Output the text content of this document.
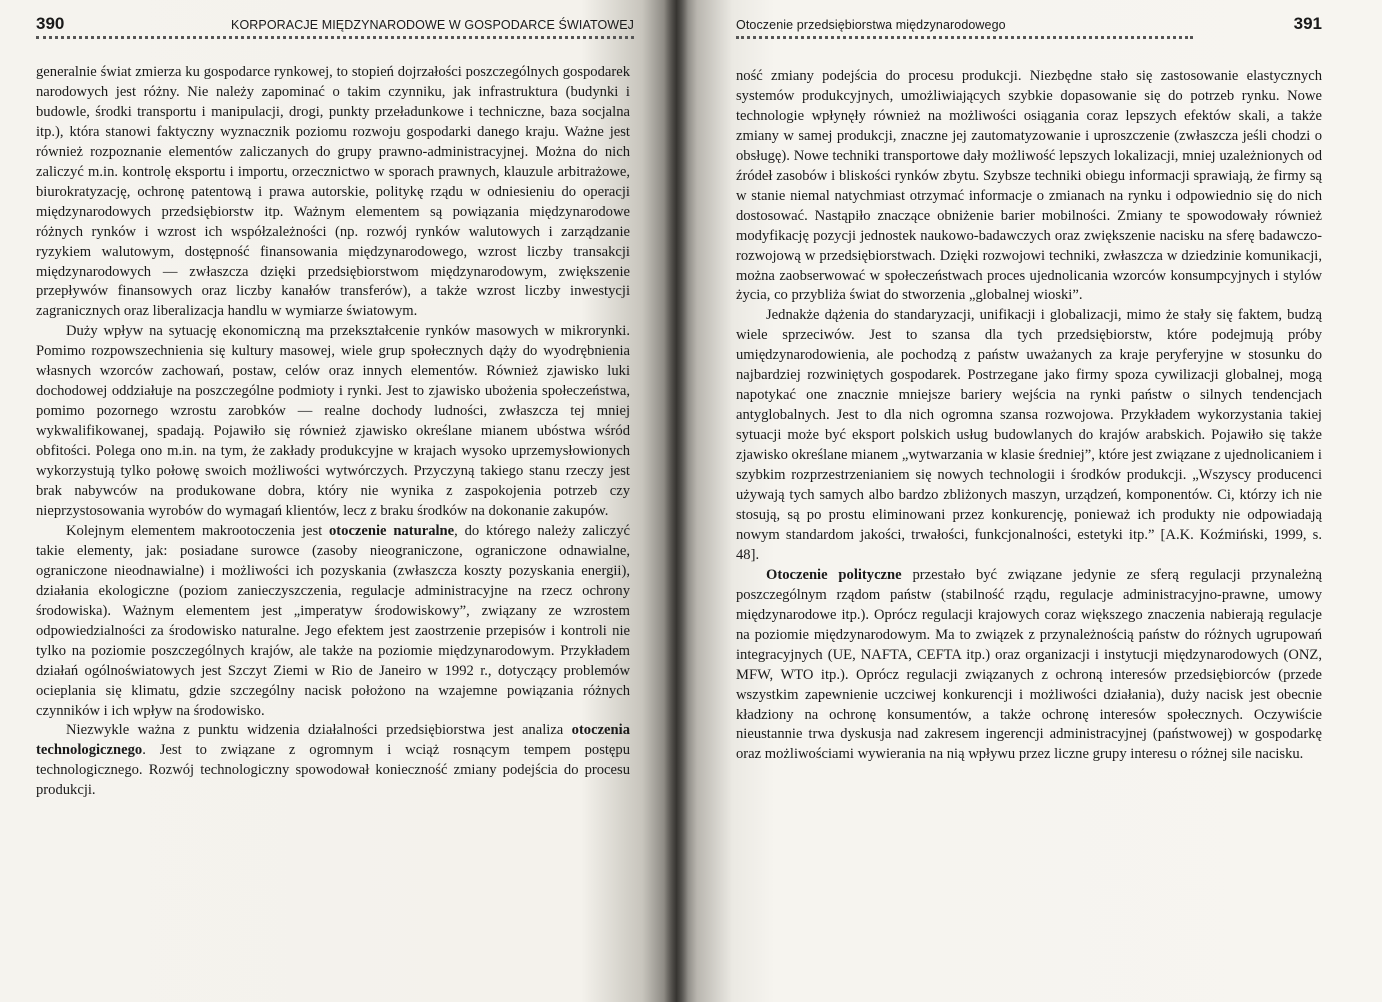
390	KORPORACJE MIĘDZYNARODOWE W GOSPODARCE ŚWIATOWEJ

generalnie świat zmierza ku gospodarce rynkowej, to stopień dojrzałości poszczególnych gospodarek narodowych jest różny. Nie należy zapominać o takim czynniku, jak infrastruktura (budynki i budowle, środki transportu i manipulacji, drogi, punkty przeładunkowe i techniczne, baza socjalna itp.), która stanowi faktyczny wyznacznik poziomu rozwoju gospodarki danego kraju. Ważne jest również rozpoznanie elementów zaliczanych do grupy prawno-administracyjnej. Można do nich zaliczyć m.in. kontrolę eksportu i importu, orzecznictwo w sporach prawnych, klauzule arbitrażowe, biurokratyzację, ochronę patentową i prawa autorskie, politykę rządu w odniesieniu do operacji międzynarodowych przedsiębiorstw itp. Ważnym elementem są powiązania międzynarodowe różnych rynków i wzrost ich współzależności (np. rozwój rynków walutowych i zarządzanie ryzykiem walutowym, dostępność finansowania międzynarodowego, wzrost liczby transakcji międzynarodowych — zwłaszcza dzięki przedsiębiorstwom międzynarodowym, zwiększenie przepływów finansowych oraz liczby kanałów transferów), a także wzrost liczby inwestycji zagranicznych oraz liberalizacja handlu w wymiarze światowym.

Duży wpływ na sytuację ekonomiczną ma przekształcenie rynków masowych w mikrorynki. Pomimo rozpowszechnienia się kultury masowej, wiele grup społecznych dąży do wyodrębnienia własnych wzorców zachowań, postaw, celów oraz innych elementów. Również zjawisko luki dochodowej oddziałuje na poszczególne podmioty i rynki. Jest to zjawisko ubożenia społeczeństwa, pomimo pozornego wzrostu zarobków — realne dochody ludności, zwłaszcza tej mniej wykwalifikowanej, spadają. Pojawiło się również zjawisko określane mianem ubóstwa wśród obfitości. Polega ono m.in. na tym, że zakłady produkcyjne w krajach wysoko uprzemysłowionych wykorzystują tylko połowę swoich możliwości wytwórczych. Przyczyną takiego stanu rzeczy jest brak nabywców na produkowane dobra, który nie wynika z zaspokojenia potrzeb czy nieprzystosowania wyrobów do wymagań klientów, lecz z braku środków na dokonanie zakupów.

Kolejnym elementem makrootoczenia jest otoczenie naturalne, do którego należy zaliczyć takie elementy, jak: posiadane surowce (zasoby nieograniczone, ograniczone odnawialne, ograniczone nieodnawialne) i możliwości ich pozyskania (zwłaszcza koszty pozyskania energii), działania ekologiczne (poziom zanieczyszczenia, regulacje administracyjne na rzecz ochrony środowiska). Ważnym elementem jest „imperatyw środowiskowy”, związany ze wzrostem odpowiedzialności za środowisko naturalne. Jego efektem jest zaostrzenie przepisów i kontroli nie tylko na poziomie poszczególnych krajów, ale także na poziomie międzynarodowym. Przykładem działań ogólnoświatowych jest Szczyt Ziemi w Rio de Janeiro w 1992 r., dotyczący problemów ocieplania się klimatu, gdzie szczególny nacisk położono na wzajemne powiązania różnych czynników i ich wpływ na środowisko.

Niezwykle ważna z punktu widzenia działalności przedsiębiorstwa jest analiza otoczenia technologicznego. Jest to związane z ogromnym i wciąż rosnącym tempem postępu technologicznego. Rozwój technologiczny spowodował konieczność zmiany podejścia do procesu produkcji.

Otoczenie przedsiębiorstwa międzynarodowego	391

ność zmiany podejścia do procesu produkcji. Niezbędne stało się zastosowanie elastycznych systemów produkcyjnych, umożliwiających szybkie dopasowanie się do potrzeb rynku. Nowe technologie wpłynęły również na możliwości osiągania coraz lepszych efektów skali, a także zmiany w samej produkcji, znaczne jej zautomatyzowanie i uproszczenie (zwłaszcza jeśli chodzi o obsługę). Nowe techniki transportowe dały możliwość lepszych lokalizacji, mniej uzależnionych od źródeł zasobów i bliskości rynków zbytu. Szybsze techniki obiegu informacji sprawiają, że firmy są w stanie niemal natychmiast otrzymać informacje o zmianach na rynku i odpowiednio się do nich dostosować. Nastąpiło znaczące obniżenie barier mobilności. Zmiany te spowodowały również modyfikację pozycji jednostek naukowo-badawczych oraz zwiększenie nacisku na sferę badawczo-rozwojową w przedsiębiorstwach. Dzięki rozwojowi techniki, zwłaszcza w dziedzinie komunikacji, można zaobserwować w społeczeństwach proces ujednolicania wzorców konsumpcyjnych i stylów życia, co przybliża świat do stworzenia „globalnej wioski”.

Jednakże dążenia do standaryzacji, unifikacji i globalizacji, mimo że stały się faktem, budzą wiele sprzeciwów. Jest to szansa dla tych przedsiębiorstw, które podejmują próby umiędzynarodowienia, ale pochodzą z państw uważanych za kraje peryferyjne w stosunku do najbardziej rozwiniętych gospodarek. Postrzegane jako firmy spoza cywilizacji globalnej, mogą napotykać one znacznie mniejsze bariery wejścia na rynki państw o silnych tendencjach antyglobalnych. Jest to dla nich ogromna szansa rozwojowa. Przykładem wykorzystania takiej sytuacji może być eksport polskich usług budowlanych do krajów arabskich. Pojawiło się także zjawisko określane mianem „wytwarzania w klasie średniej”, które jest związane z ujednolicaniem i szybkim rozprzestrzenianiem się nowych technologii i środków produkcji. „Wszyscy producenci używają tych samych albo bardzo zbliżonych maszyn, urządzeń, komponentów. Ci, którzy ich nie stosują, są po prostu eliminowani przez konkurencję, ponieważ ich produkty nie odpowiadają nowym standardom jakości, trwałości, funkcjonalności, estetyki itp.” [A.K. Koźmiński, 1999, s. 48].

Otoczenie polityczne przestało być związane jedynie ze sferą regulacji przynależną poszczególnym rządom państw (stabilność rządu, regulacje administracyjno-prawne, umowy międzynarodowe itp.). Oprócz regulacji krajowych coraz większego znaczenia nabierają regulacje na poziomie międzynarodowym. Ma to związek z przynależnością państw do różnych ugrupowań integracyjnych (UE, NAFTA, CEFTA itp.) oraz organizacji i instytucji międzynarodowych (ONZ, MFW, WTO itp.). Oprócz regulacji związanych z ochroną interesów przedsiębiorców (przede wszystkim zapewnienie uczciwej konkurencji i możliwości działania), duży nacisk jest obecnie kładziony na ochronę konsumentów, a także ochronę interesów społecznych. Oczywiście nieustannie trwa dyskusja nad zakresem ingerencji administracyjnej (państwowej) w gospodarkę oraz możliwościami wywierania na nią wpływu przez liczne grupy interesu o różnej sile nacisku.
